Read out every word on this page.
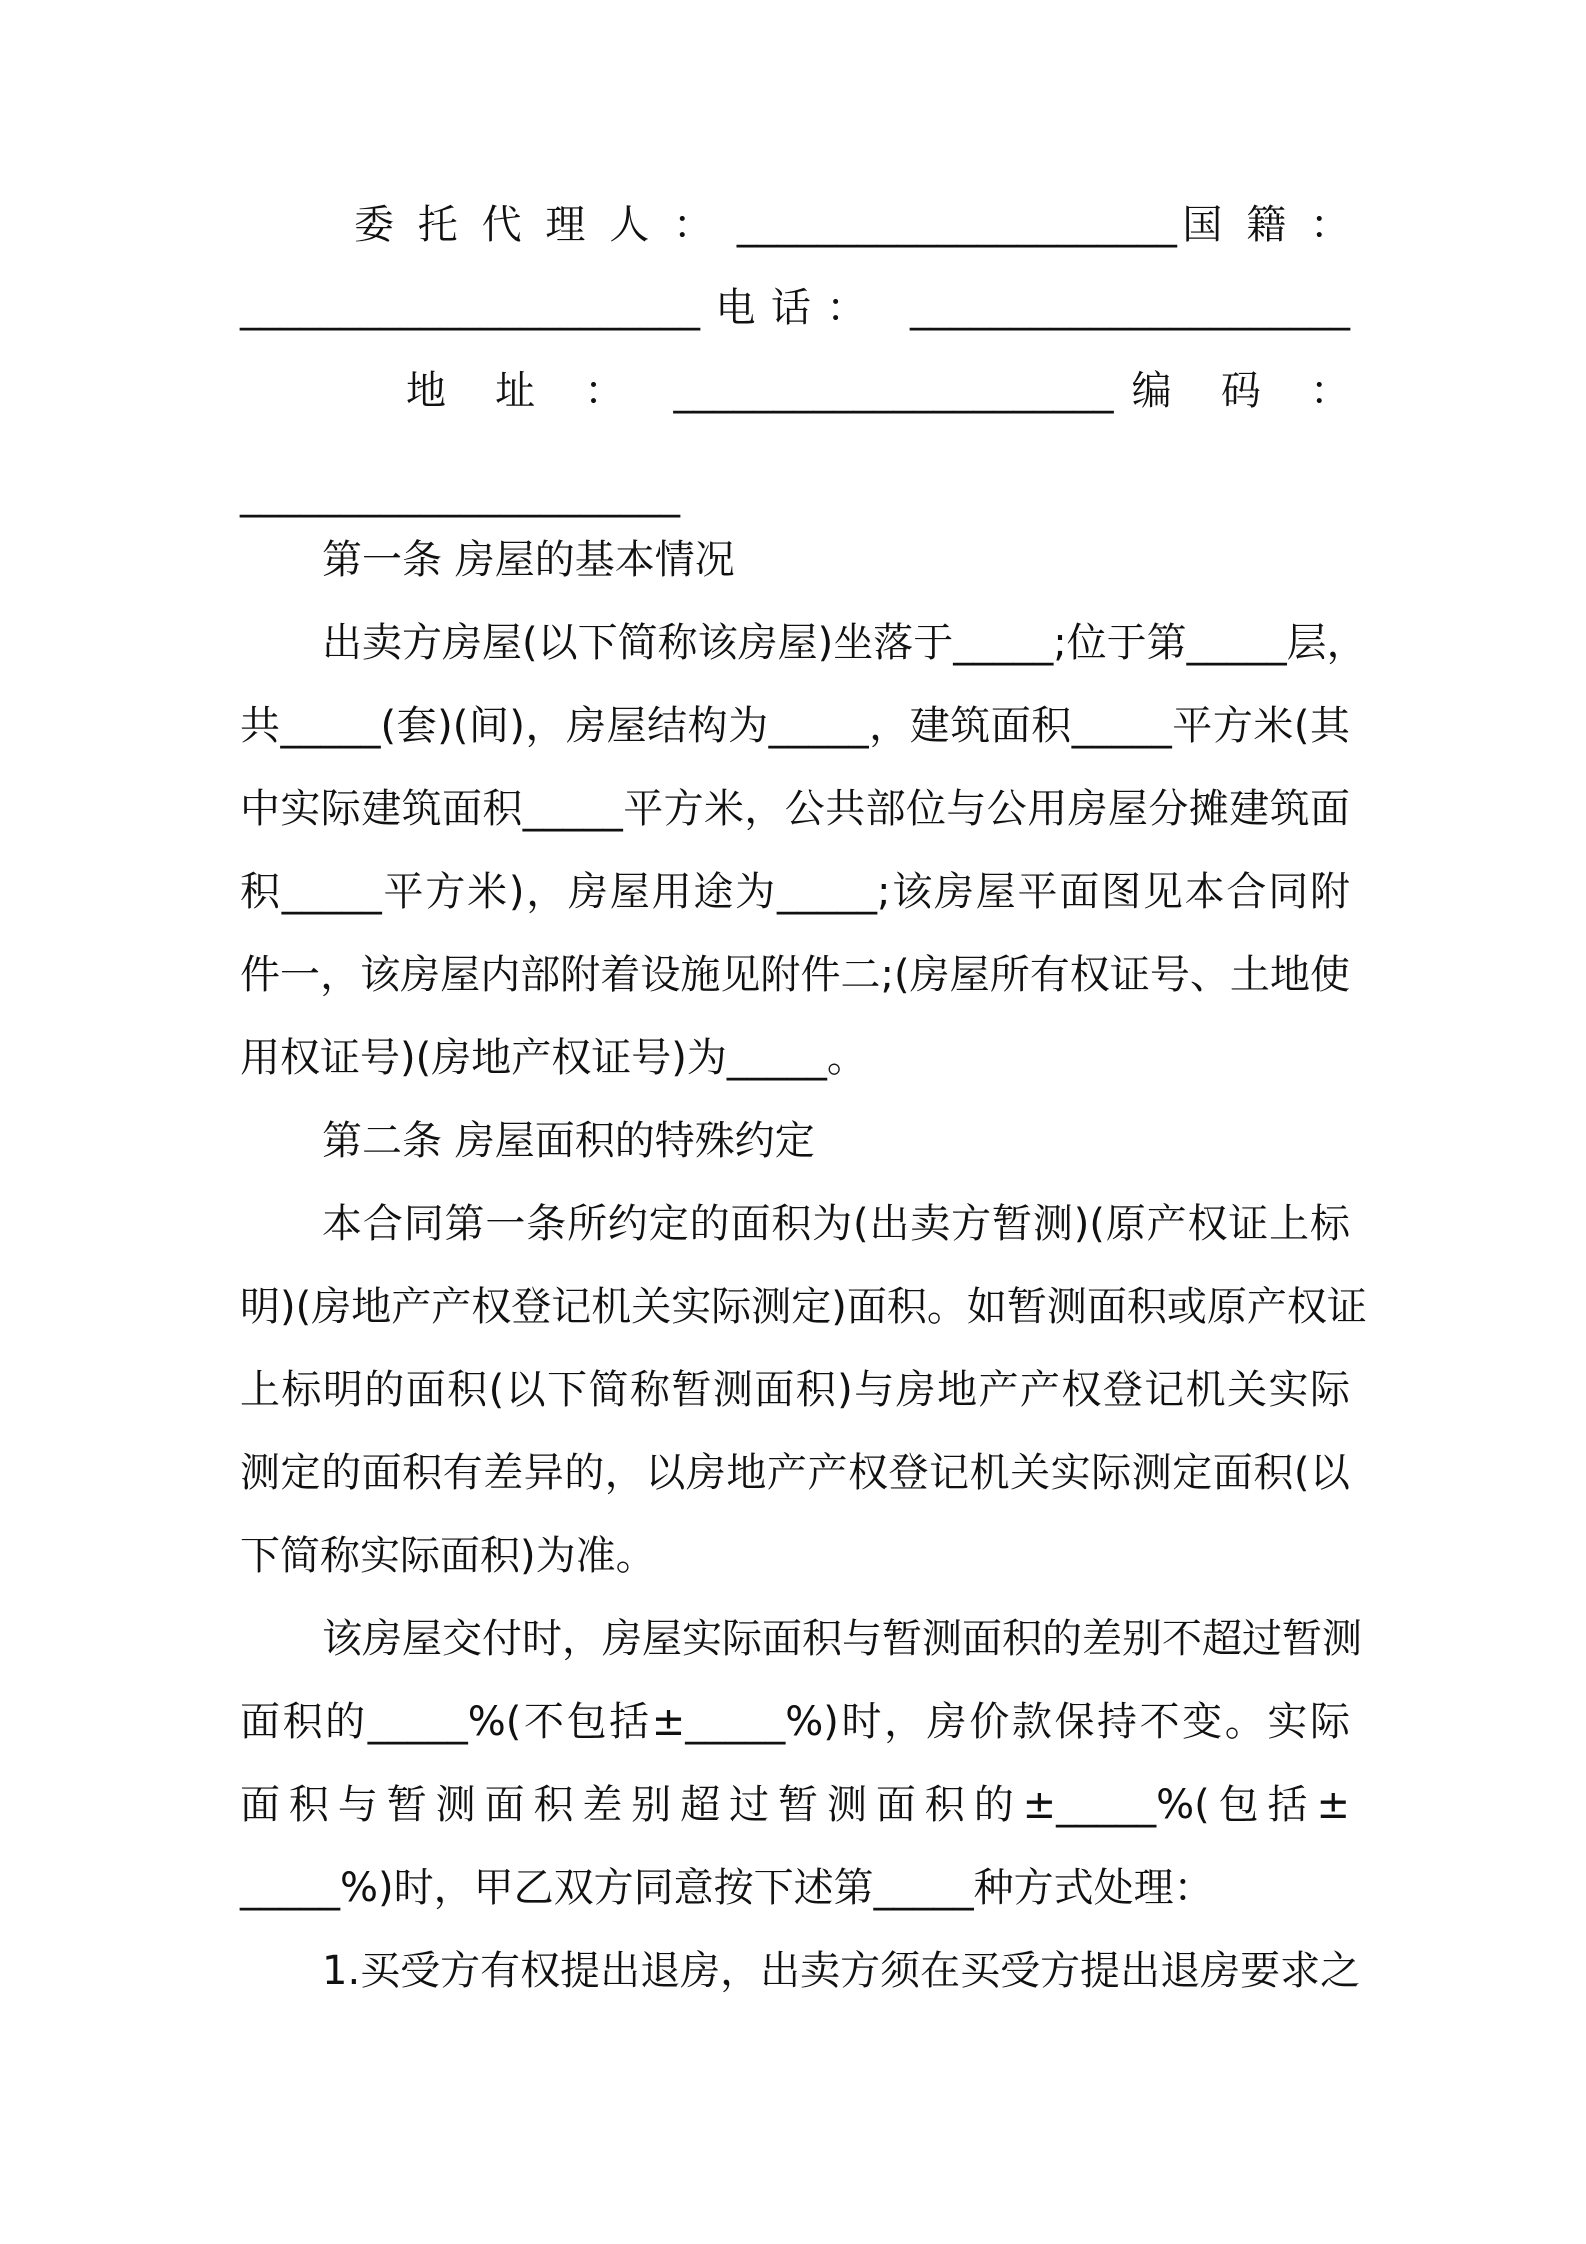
委 托 代 理 人 ： ______________________国 籍 ：
_______________________电话： ______________________
地 址 ： ______________________编 码 ：
______________________
第一条 房屋的基本情况
出卖方房屋(以下简称该房屋)坐落于_____;位于第_____层，
共_____(套)(间)，房屋结构为_____，建筑面积_____平方米(其
中实际建筑面积_____平方米，公共部位与公用房屋分摊建筑面
积_____平方米)，房屋用途为_____;该房屋平面图见本合同附
件一，该房屋内部附着设施见附件二;(房屋所有权证号、土地使
用权证号)(房地产权证号)为_____。
第二条 房屋面积的特殊约定
本合同第一条所约定的面积为(出卖方暂测)(原产权证上标
明)(房地产产权登记机关实际测定)面积。如暂测面积或原产权证
上标明的面积(以下简称暂测面积)与房地产产权登记机关实际
测定的面积有差异的，以房地产产权登记机关实际测定面积(以
下简称实际面积)为准。
该房屋交付时，房屋实际面积与暂测面积的差别不超过暂测
面积的_____%(不包括±_____%)时，房价款保持不变。实际
面积与暂测面积差别超过暂测面积的±_____%(包括±
_____%)时，甲乙双方同意按下述第_____种方式处理：
1.买受方有权提出退房，出卖方须在买受方提出退房要求之
